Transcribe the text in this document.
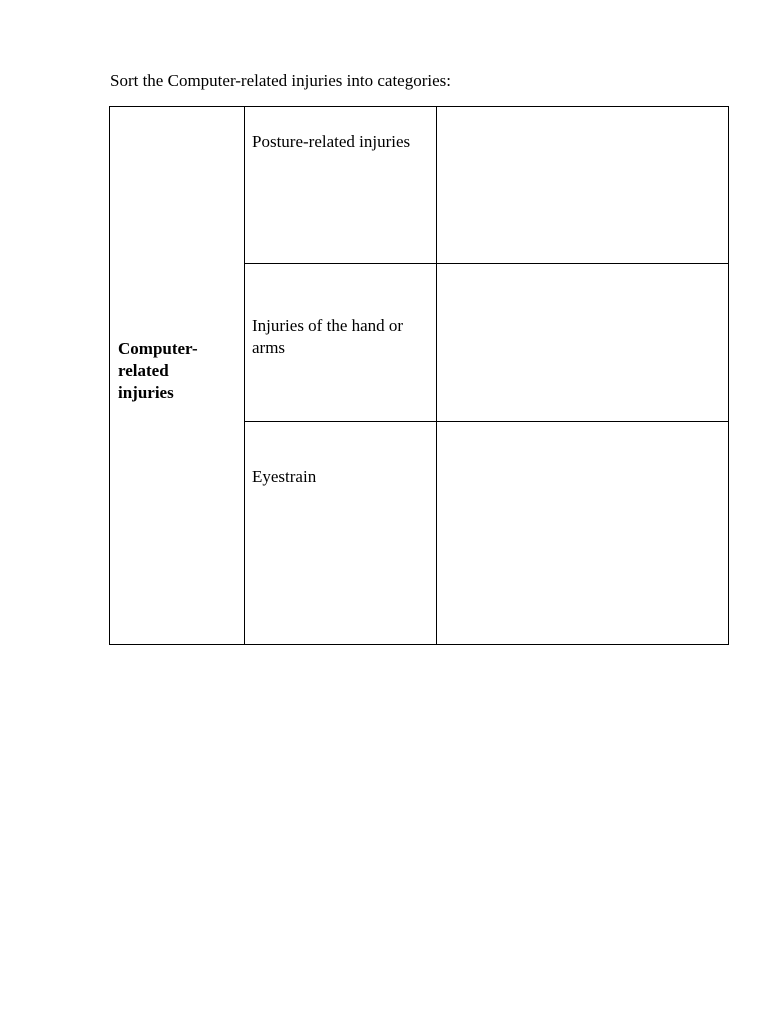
Sort the Computer-related injuries into categories:
Computer-related injuries	Posture-related injuries	

	Injuries of the hand or arms	

	Eyestrain	
